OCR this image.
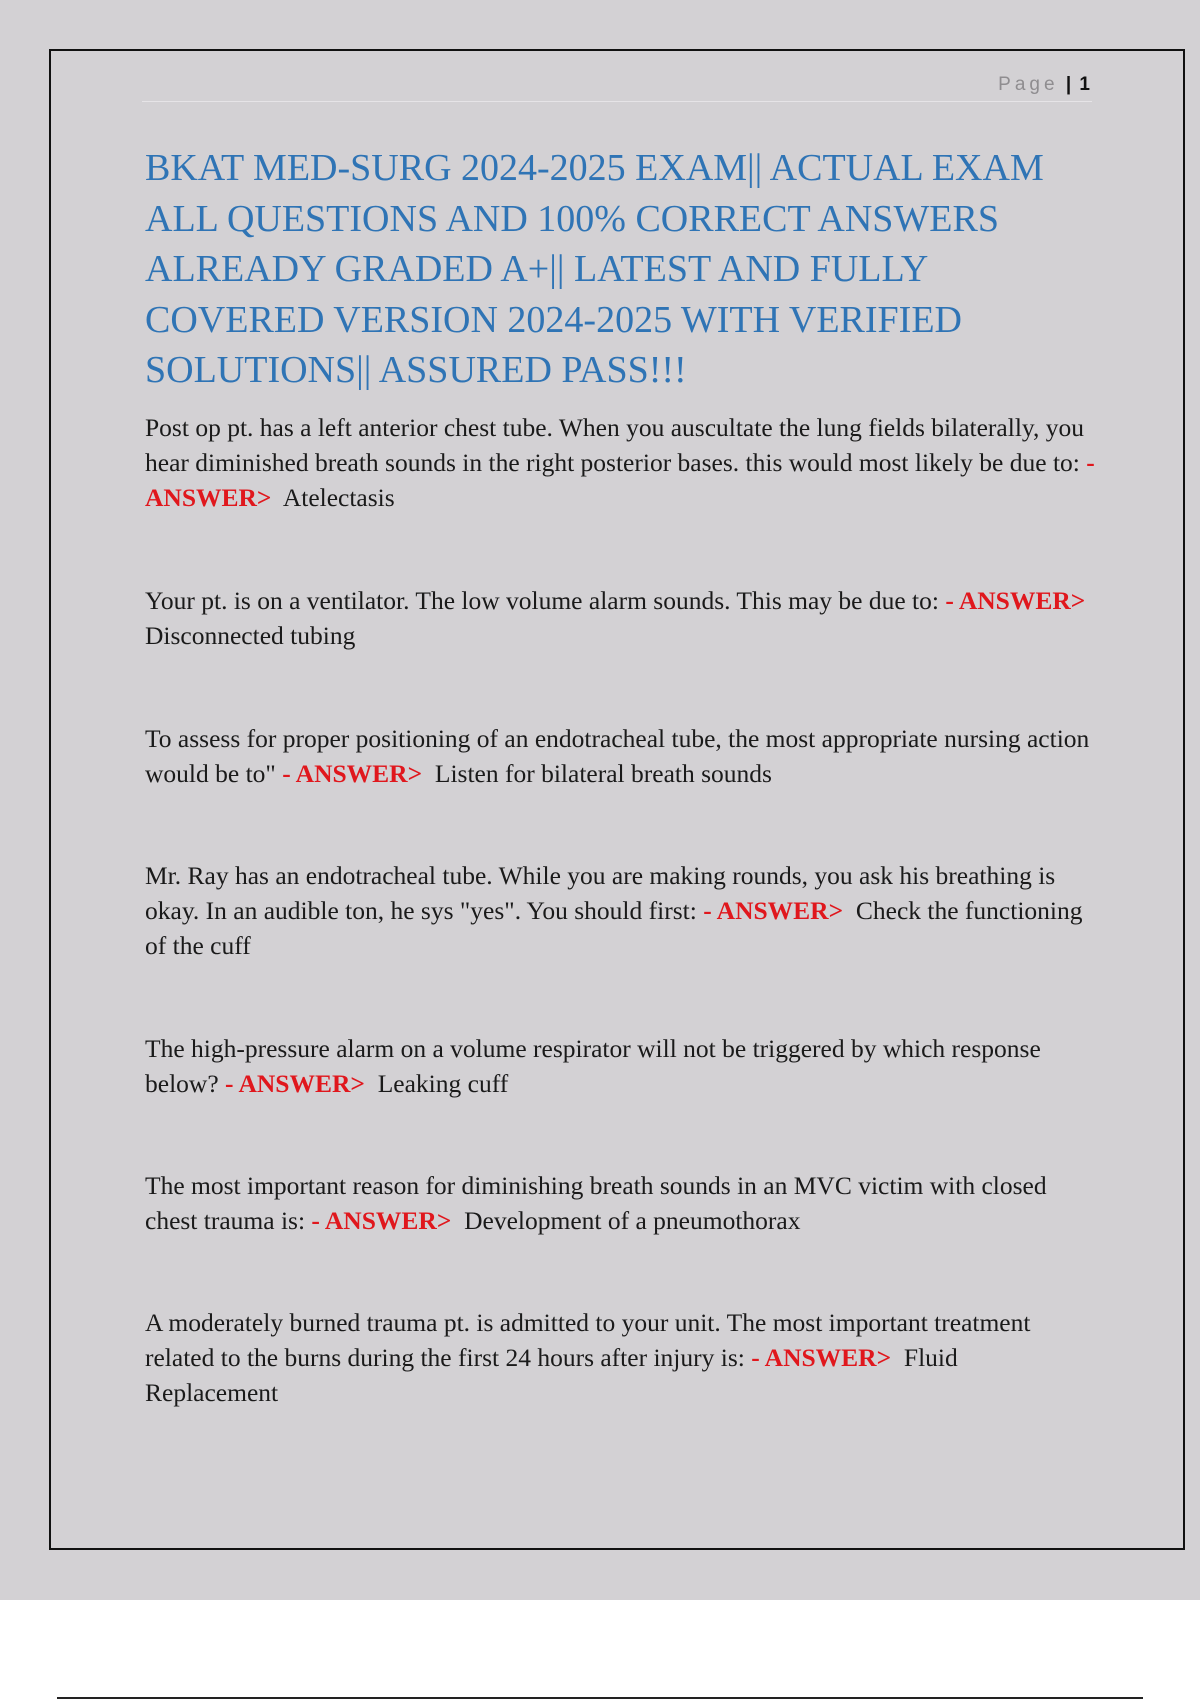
Page | 1
BKAT MED-SURG 2024-2025 EXAM|| ACTUAL EXAM ALL QUESTIONS AND 100% CORRECT ANSWERS ALREADY GRADED A+|| LATEST AND FULLY COVERED VERSION 2024-2025 WITH VERIFIED SOLUTIONS|| ASSURED PASS!!!

Post op pt. has a left anterior chest tube. When you auscultate the lung fields bilaterally, you hear diminished breath sounds in the right posterior bases. this would most likely be due to: - ANSWER> Atelectasis

Your pt. is on a ventilator. The low volume alarm sounds. This may be due to: - ANSWER>  Disconnected tubing

To assess for proper positioning of an endotracheal tube, the most appropriate nursing action would be to" - ANSWER> Listen for bilateral breath sounds

Mr. Ray has an endotracheal tube. While you are making rounds, you ask his breathing is okay. In an audible ton, he sys "yes". You should first: - ANSWER> Check the functioning of the cuff

The high-pressure alarm on a volume respirator will not be triggered by which response below? - ANSWER> Leaking cuff

The most important reason for diminishing breath sounds in an MVC victim with closed chest trauma is: - ANSWER> Development of a pneumothorax

A moderately burned trauma pt. is admitted to your unit. The most important treatment related to the burns during the first 24 hours after injury is: - ANSWER> Fluid Replacement
